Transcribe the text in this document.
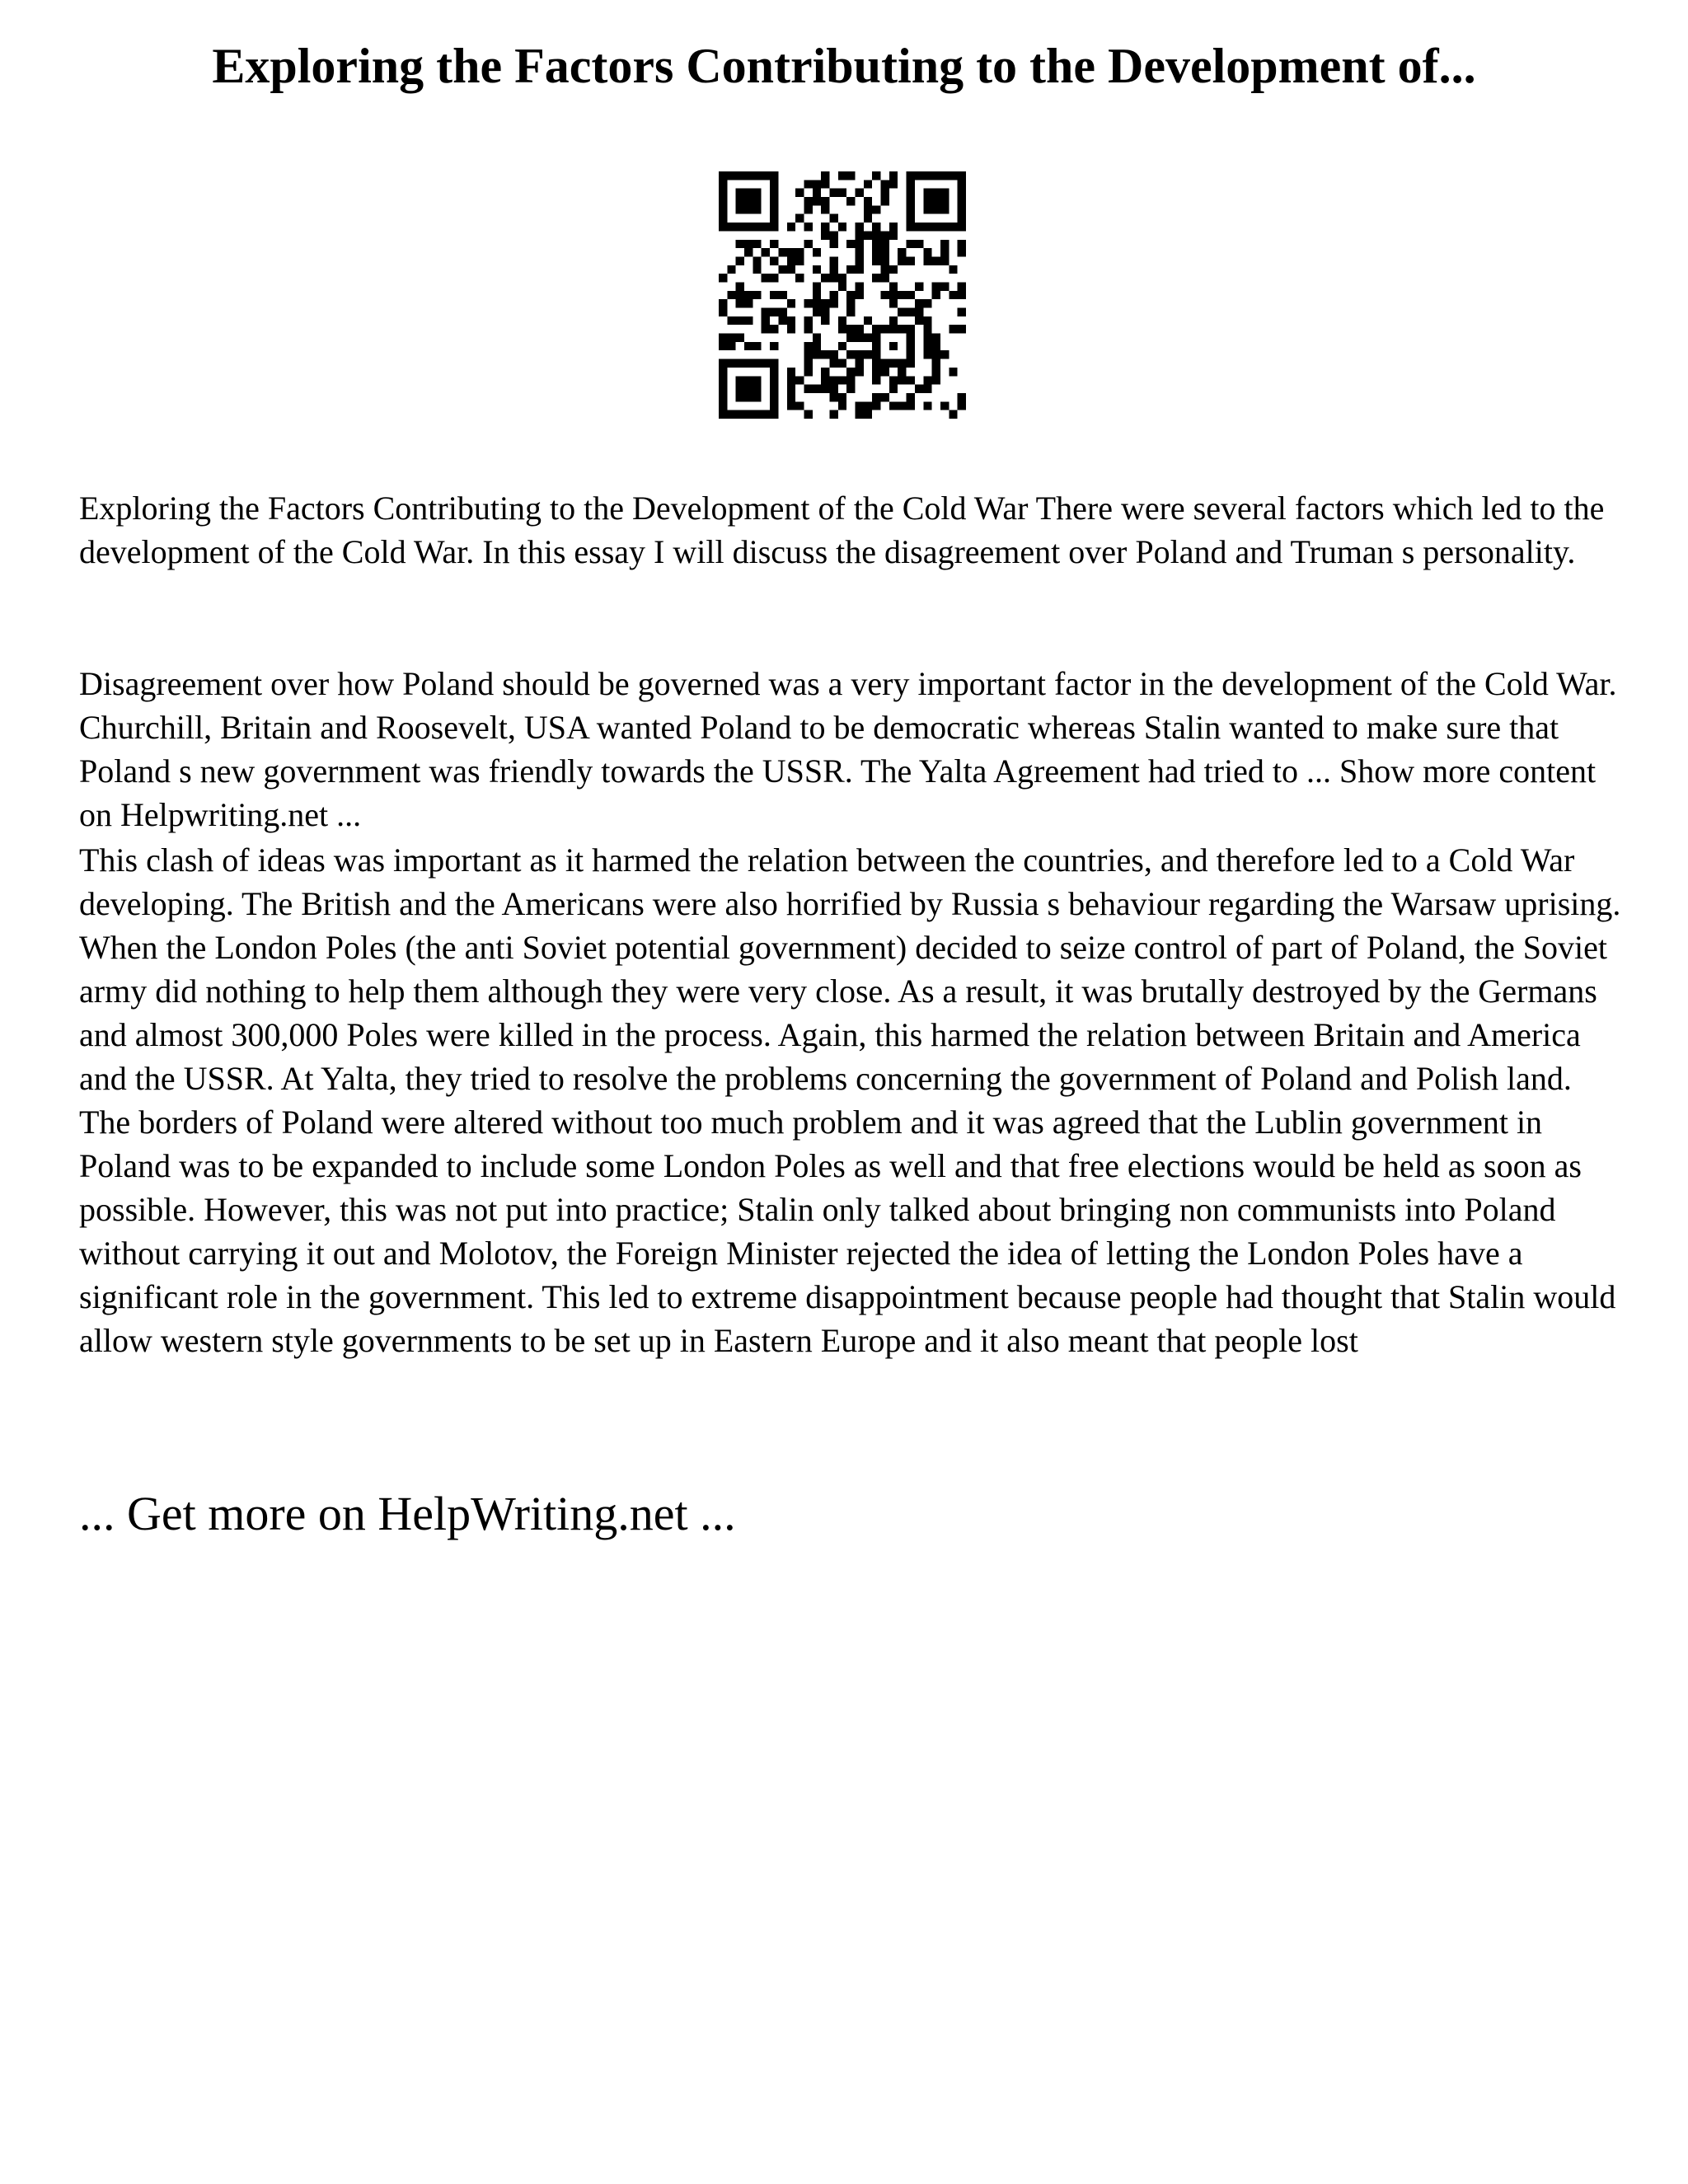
Exploring the Factors Contributing to the Development of...

Exploring the Factors Contributing to the Development of the Cold War There were several factors which led to the development of the Cold War. In this essay I will discuss the disagreement over Poland and Truman s personality.

Disagreement over how Poland should be governed was a very important factor in the development of the Cold War. Churchill, Britain and Roosevelt, USA wanted Poland to be democratic whereas Stalin wanted to make sure that Poland s new government was friendly towards the USSR. The Yalta Agreement had tried to ... Show more content on Helpwriting.net ...

This clash of ideas was important as it harmed the relation between the countries, and therefore led to a Cold War developing. The British and the Americans were also horrified by Russia s behaviour regarding the Warsaw uprising. When the London Poles (the anti Soviet potential government) decided to seize control of part of Poland, the Soviet army did nothing to help them although they were very close. As a result, it was brutally destroyed by the Germans and almost 300,000 Poles were killed in the process. Again, this harmed the relation between Britain and America and the USSR. At Yalta, they tried to resolve the problems concerning the government of Poland and Polish land. The borders of Poland were altered without too much problem and it was agreed that the Lublin government in Poland was to be expanded to include some London Poles as well and that free elections would be held as soon as possible. However, this was not put into practice; Stalin only talked about bringing non communists into Poland without carrying it out and Molotov, the Foreign Minister rejected the idea of letting the London Poles have a significant role in the government. This led to extreme disappointment because people had thought that Stalin would allow western style governments to be set up in Eastern Europe and it also meant that people lost

... Get more on HelpWriting.net ...
